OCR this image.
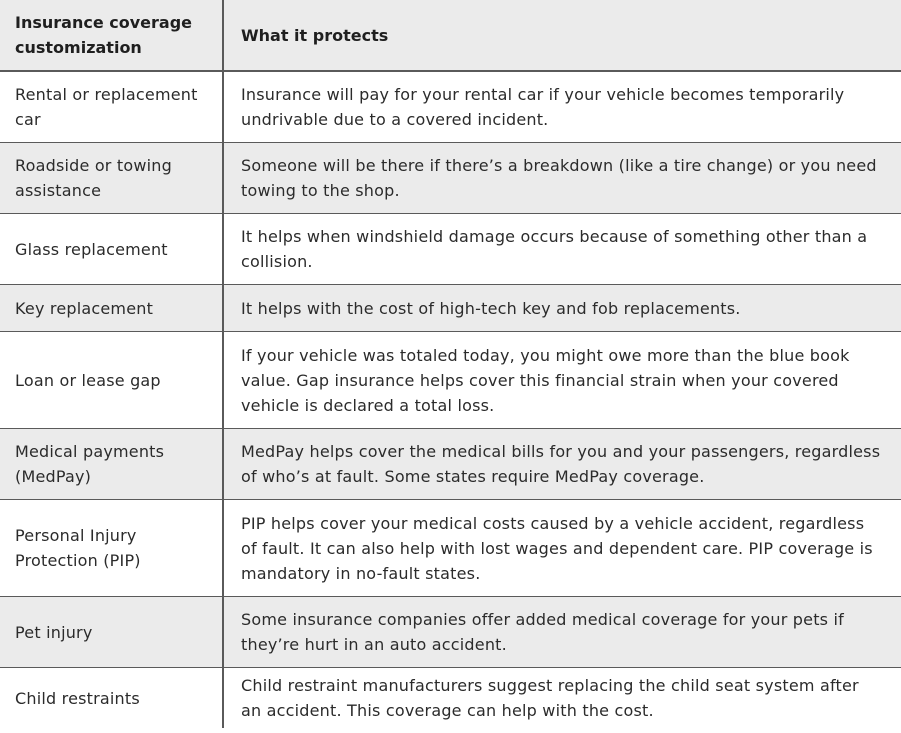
Insurance coverage customization	What it protects
Rental or replacement car	Insurance will pay for your rental car if your vehicle becomes temporarily undrivable due to a covered incident.
Roadside or towing assistance	Someone will be there if there’s a breakdown (like a tire change) or you need towing to the shop.
Glass replacement	It helps when windshield damage occurs because of something other than a collision.
Key replacement	It helps with the cost of high-tech key and fob replacements.
Loan or lease gap	If your vehicle was totaled today, you might owe more than the blue book value. Gap insurance helps cover this financial strain when your covered vehicle is declared a total loss.
Medical payments (MedPay)	MedPay helps cover the medical bills for you and your passengers, regardless of who’s at fault. Some states require MedPay coverage.
Personal Injury Protection (PIP)	PIP helps cover your medical costs caused by a vehicle accident, regardless of fault. It can also help with lost wages and dependent care. PIP coverage is mandatory in no-fault states.
Pet injury	Some insurance companies offer added medical coverage for your pets if they’re hurt in an auto accident.
Child restraints	Child restraint manufacturers suggest replacing the child seat system after an accident. This coverage can help with the cost.
